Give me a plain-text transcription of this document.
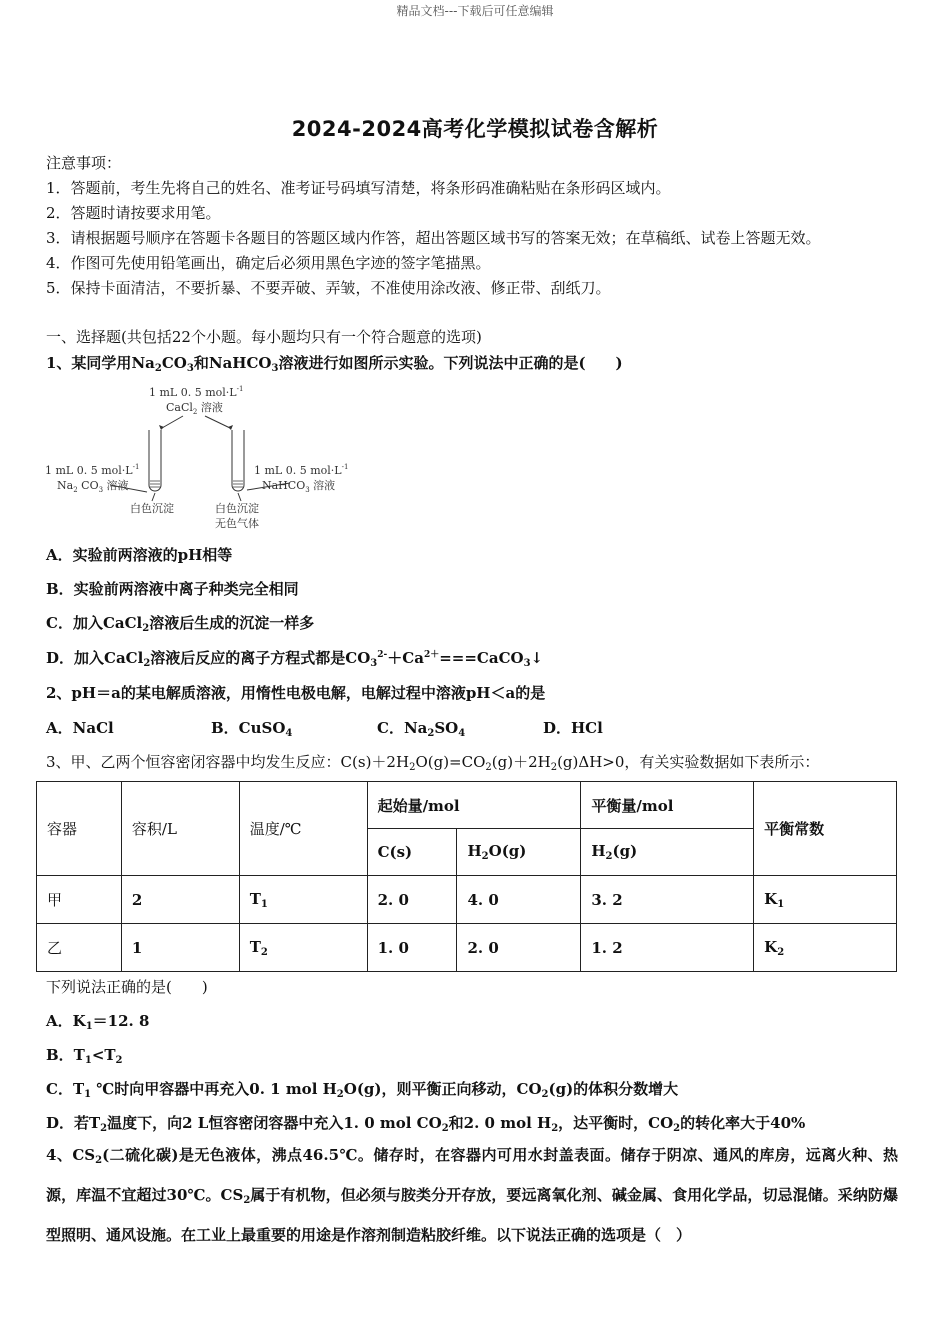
精品文档---下载后可任意编辑
2024-2024高考化学模拟试卷含解析
注意事项：
1．答题前，考生先将自己的姓名、准考证号码填写清楚，将条形码准确粘贴在条形码区域内。
2．答题时请按要求用笔。
3．请根据题号顺序在答题卡各题目的答题区域内作答，超出答题区域书写的答案无效；在草稿纸、试卷上答题无效。
4．作图可先使用铅笔画出，确定后必须用黑色字迹的签字笔描黑。
5．保持卡面清洁，不要折暴、不要弄破、弄皱，不准使用涂改液、修正带、刮纸刀。
一、选择题(共包括22个小题。每小题均只有一个符合题意的选项)
1、某同学用$Na_2CO_3$和NaHCO$_3$溶液进行如图所示实验。下列说法中正确的是(　　)
1 mL 0. 5 $mol\cdot L^{-1}$
CaCl$_2$ 溶液
1 mL 0. 5 $mol\cdot L^{-1}$
$Na_2$ $CO_3$ 溶液
1 mL 0. 5 $mol\cdot L^{-1}$
NaHCO$_3$ 溶液
白色沉淀	白色沉淀
无色气体
A．实验前两溶液的pH相等
B．实验前两溶液中离子种类完全相同
C．加入CaCl$_2$溶液后生成的沉淀一样多
D．加入CaCl$_2$溶液后反应的离子方程式都是$CO_3^{2-}+Ca^{2+}===CaCO_3↓$
2、pH＝a的某电解质溶液，用惰性电极电解，电解过程中溶液pH＜a的是
A．NaCl	B．CuSO$_4$	C．$Na_2SO_4$	D．HCl
3、甲、乙两个恒容密闭容器中均发生反应：$C(s)+2H_2O(g)=CO_2(g)+2H_2(g)\Delta H>0$，有关实验数据如下表所示：
容器	容积/L	温度/℃	起始量/mol		平衡量/mol	平衡常数
			C(s)	$H_2O(g)$	$H_2(g)$	
甲	2	$T_1$	2. 0	4. 0	3. 2	$K_1$
乙	1	$T_2$	1. 0	2. 0	1. 2	$K_2$
下列说法正确的是(　　)
A．$K_1=12$. 8
B．$T_1<T_2$
C．$T_1$ ℃时向甲容器中再充入0. 1 mol $H_2O(g)$，则平衡正向移动，$CO_2(g)$的体积分数增大
D．若$T_2$温度下，向2 L恒容密闭容器中充入1. 0 mol $CO_2$和2. 0 mol $H_2$，达平衡时，$CO_2$的转化率大于40%
4、$CS_2$(二硫化碳)是无色液体，沸点46.5℃。储存时，在容器内可用水封盖表面。储存于阴凉、通风的库房，远离火种、热源，库温不宜超过30℃。$CS_2$属于有机物，但必须与胺类分开存放，要远离氧化剂、碱金属、食用化学品，切忌混储。采纳防爆型照明、通风设施。在工业上最重要的用途是作溶剂制造粘胶纤维。以下说法正确的选项是（　）
